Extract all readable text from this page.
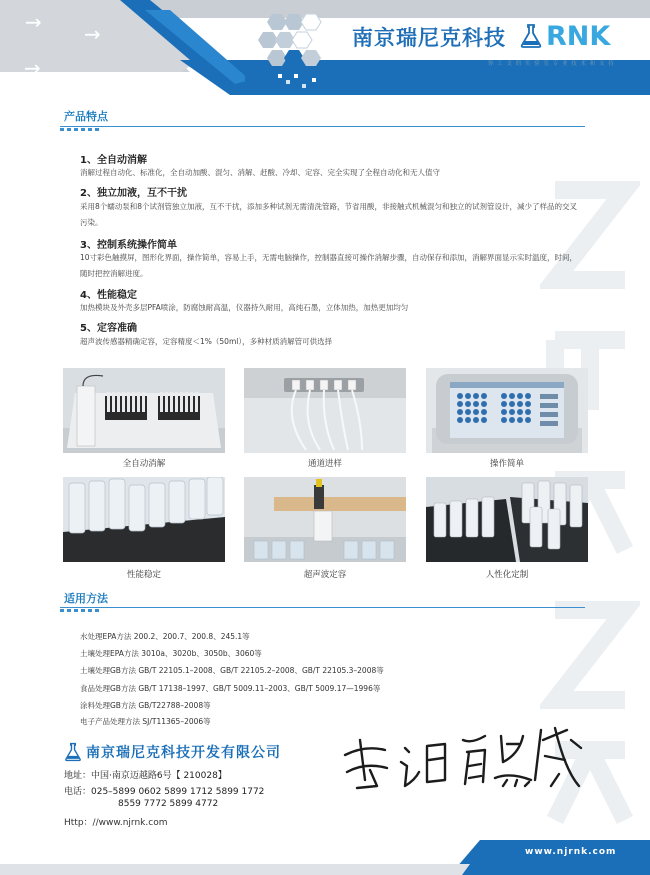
→ →
→
南京瑞尼克科技 RNK
你 工 支 的 实 验 室 专 业 技 术 和 支 持
产品特点
1、全自动消解
消解过程自动化、标准化，全自动加酸、混匀、消解、赶酸、冷却、定容、完全实现了全程自动化和无人值守
2、独立加液，互不干扰
采用8个蠕动泵和8个试剂管独立加液，互不干扰，添加多种试剂无需清洗管路，节省用酸，非接触式机械混匀和独立的试剂管设计，减少了样品的交叉污染。
3、控制系统操作简单
10寸彩色触摸屏，图形化界面，操作简单，容易上手，无需电脑操作，控制器直接可操作消解步骤，自动保存和添加，消解界面显示实时温度，时间，随时把控消解进度。
4、性能稳定
加热模块及外壳多层PFA喷涂，防腐蚀耐高温，仪器持久耐用，高纯石墨，立体加热，加热更加均匀
5、定容准确
超声波传感器精确定容，定容精度＜1%（50ml），多种材质消解管可供选择
全自动消解	通道进样	操作简单
性能稳定	超声波定容	人性化定制
适用方法
水处理EPA方法 200.2、200.7、200.8、245.1等
土壤处理EPA方法 3010a、3020b、3050b、3060等
土壤处理GB方法 GB/T 22105.1–2008、GB/T 22105.2–2008、GB/T 22105.3–2008等
食品处理GB方法 GB/T 17138–1997、GB/T 5009.11–2003、GB/T 5009.17—1996等
涂料处理GB方法 GB/T22788–2008等
电子产品处理方法 SJ/T11365–2006等
南京瑞尼克科技开发有限公司
地址：中国·南京迈越路6号【 210028】
电话：025–5899 0602 5899 1712 5899 1772
8559 7772 5899 4772
Http：//www.njrnk.com
www.njrnk.com
